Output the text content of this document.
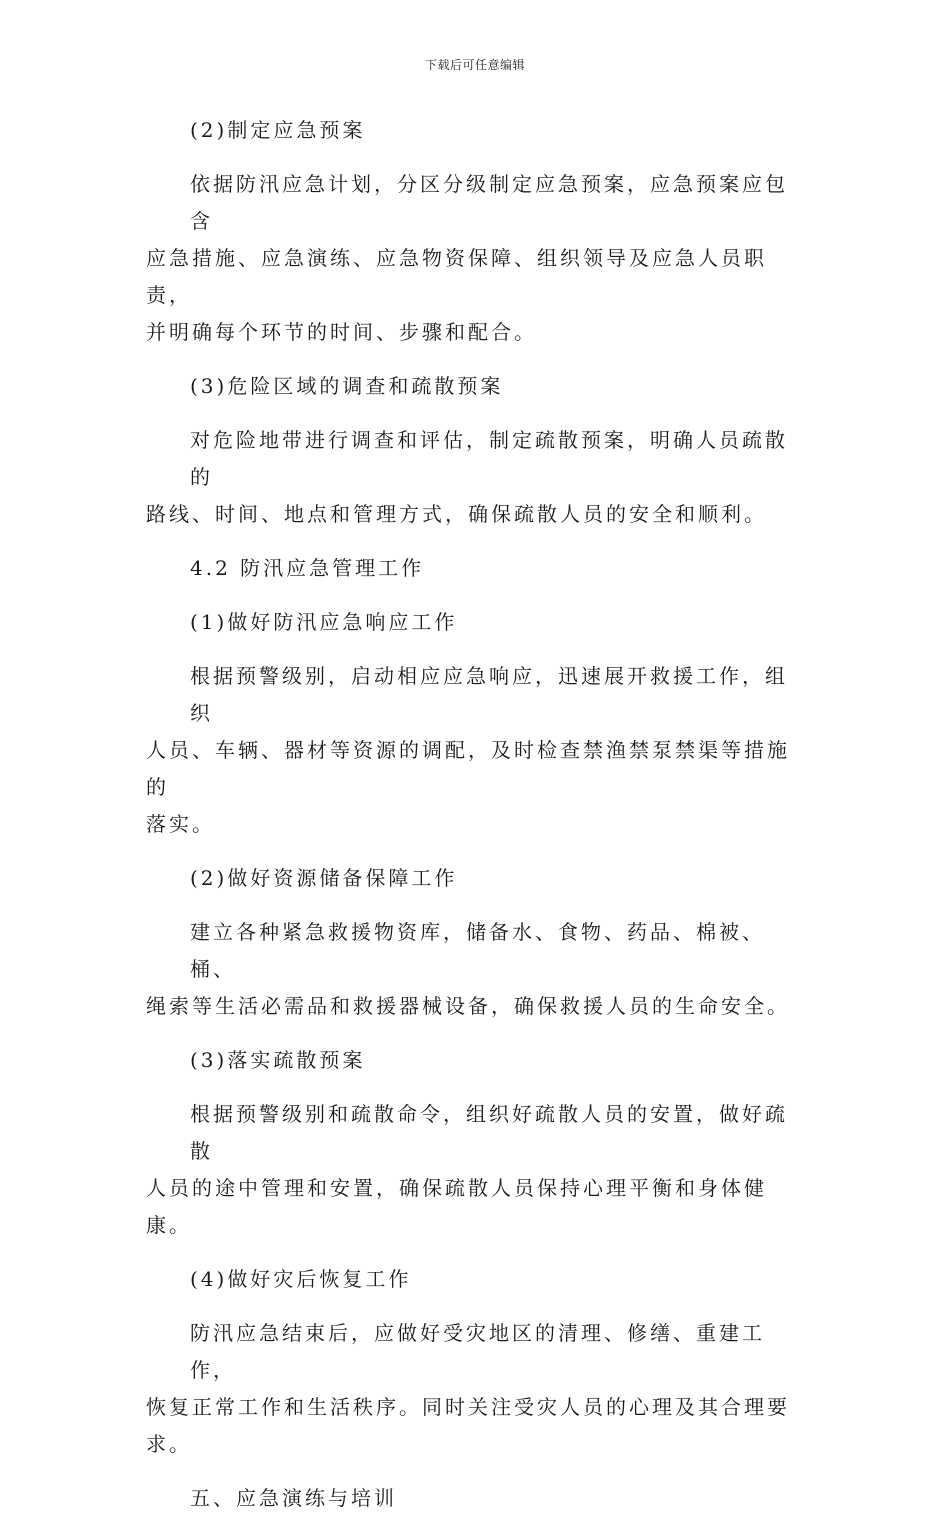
下载后可任意编辑

(2)制定应急预案

依据防汛应急计划，分区分级制定应急预案，应急预案应包含
应急措施、应急演练、应急物资保障、组织领导及应急人员职责，
并明确每个环节的时间、步骤和配合。

(3)危险区域的调查和疏散预案

对危险地带进行调查和评估，制定疏散预案，明确人员疏散的
路线、时间、地点和管理方式，确保疏散人员的安全和顺利。

4.2 防汛应急管理工作

(1)做好防汛应急响应工作

根据预警级别，启动相应应急响应，迅速展开救援工作，组织
人员、车辆、器材等资源的调配，及时检查禁渔禁泵禁渠等措施的
落实。

(2)做好资源储备保障工作

建立各种紧急救援物资库，储备水、食物、药品、棉被、桶、
绳索等生活必需品和救援器械设备，确保救援人员的生命安全。

(3)落实疏散预案

根据预警级别和疏散命令，组织好疏散人员的安置，做好疏散
人员的途中管理和安置，确保疏散人员保持心理平衡和身体健康。

(4)做好灾后恢复工作

防汛应急结束后，应做好受灾地区的清理、修缮、重建工作，
恢复正常工作和生活秩序。同时关注受灾人员的心理及其合理要求。

五、应急演练与培训
